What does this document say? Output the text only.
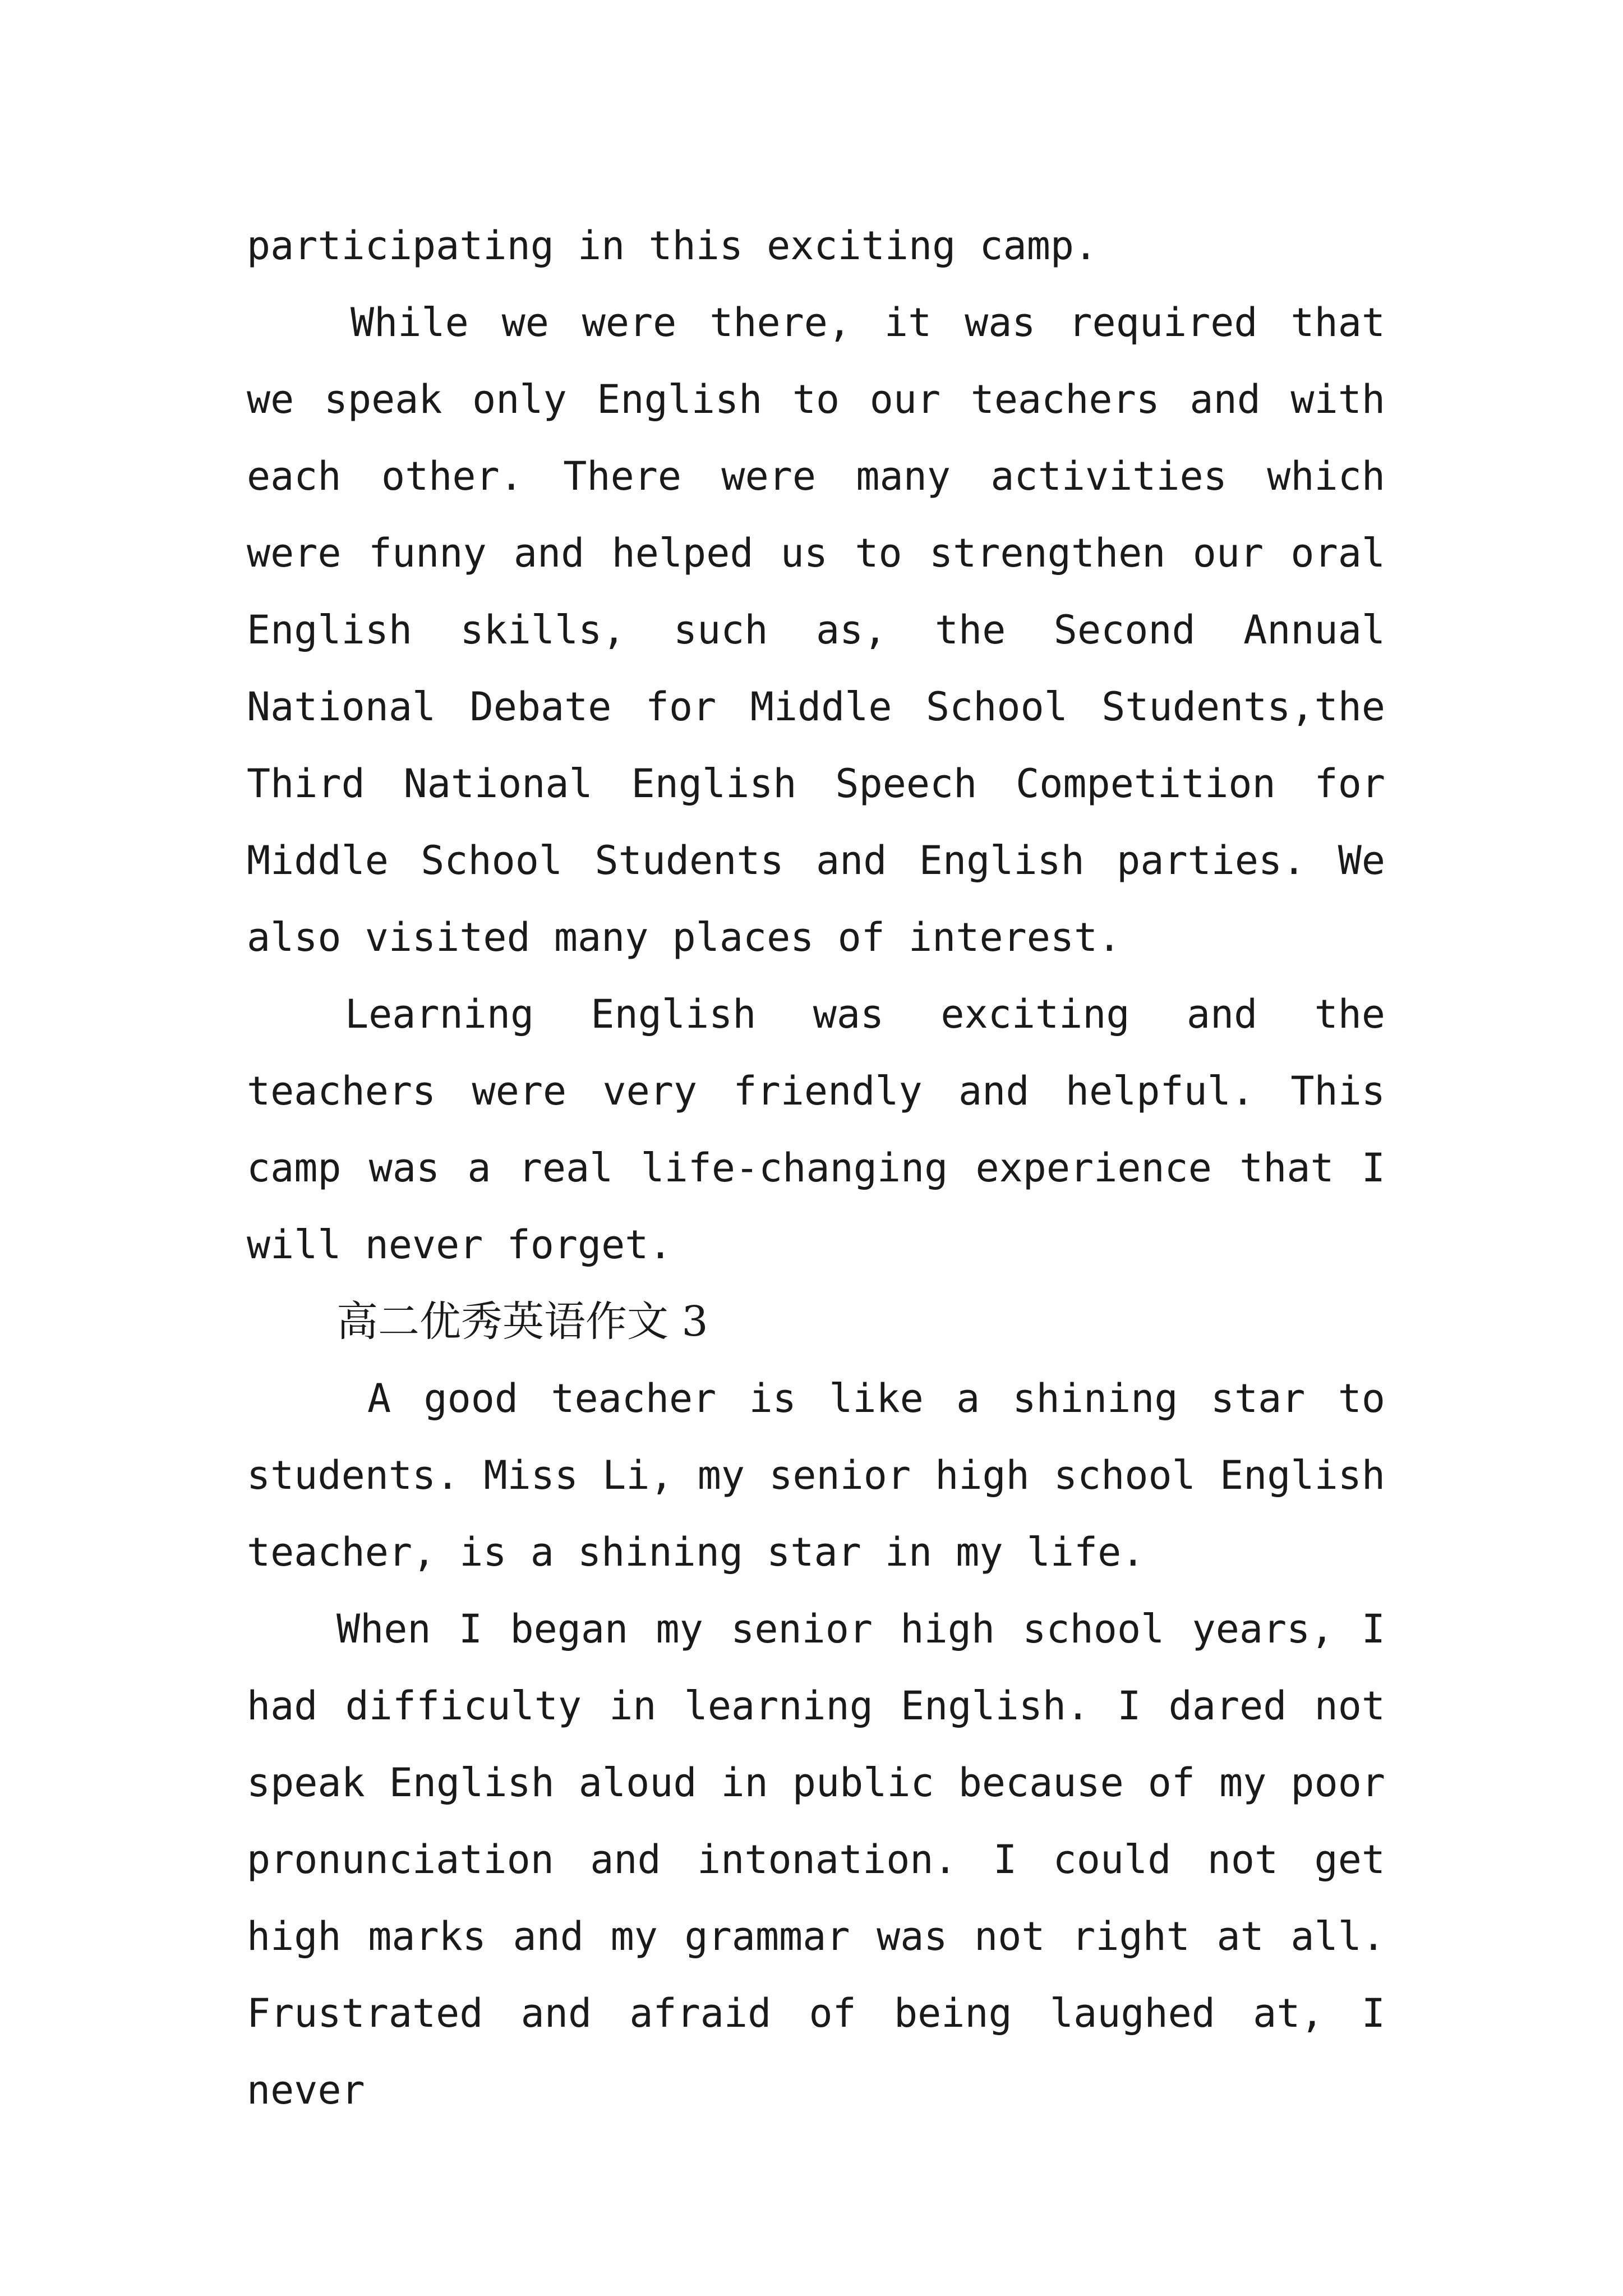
participating in this exciting camp.

While we were there, it was required that we speak only English to our teachers and with each other. There were many activities which were funny and helped us to strengthen our oral English skills, such as, the Second Annual National Debate for Middle School Students,the Third National English Speech Competition for Middle School Students and English parties. We also visited many places of interest.

Learning English was exciting and the teachers were very friendly and helpful. This camp was a real life-changing experience that I will never forget.

高二优秀英语作文 3

A good teacher is like a shining star to students. Miss Li, my senior high school English teacher, is a shining star in my life.

When I began my senior high school years, I had difficulty in learning English. I dared not speak English aloud in public because of my poor pronunciation and intonation. I could not get high marks and my grammar was not right at all. Frustrated and afraid of being laughed at, I never
